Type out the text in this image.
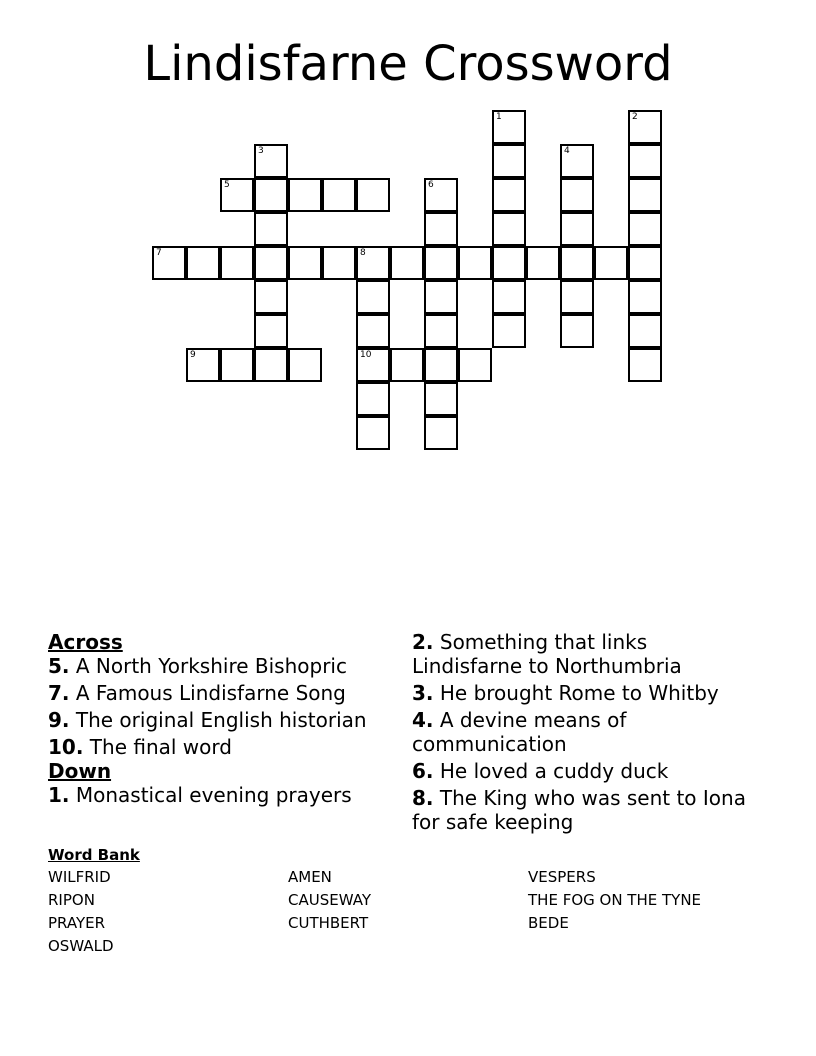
Lindisfarne Crossword
1	2
3	4
5	6
7	8
10
9
Across
5. A North Yorkshire Bishopric
7. A Famous Lindisfarne Song
9. The original English historian
10. The final word
Down
1. Monastical evening prayers
2. Something that links Lindisfarne to Northumbria
3. He brought Rome to Whitby
4. A devine means of communication
6. He loved a cuddy duck
8. The King who was sent to Iona for safe keeping
Word Bank
WILFRID
RIPON
PRAYER
OSWALD
AMEN
CAUSEWAY
CUTHBERT
VESPERS
THE FOG ON THE TYNE
BEDE
